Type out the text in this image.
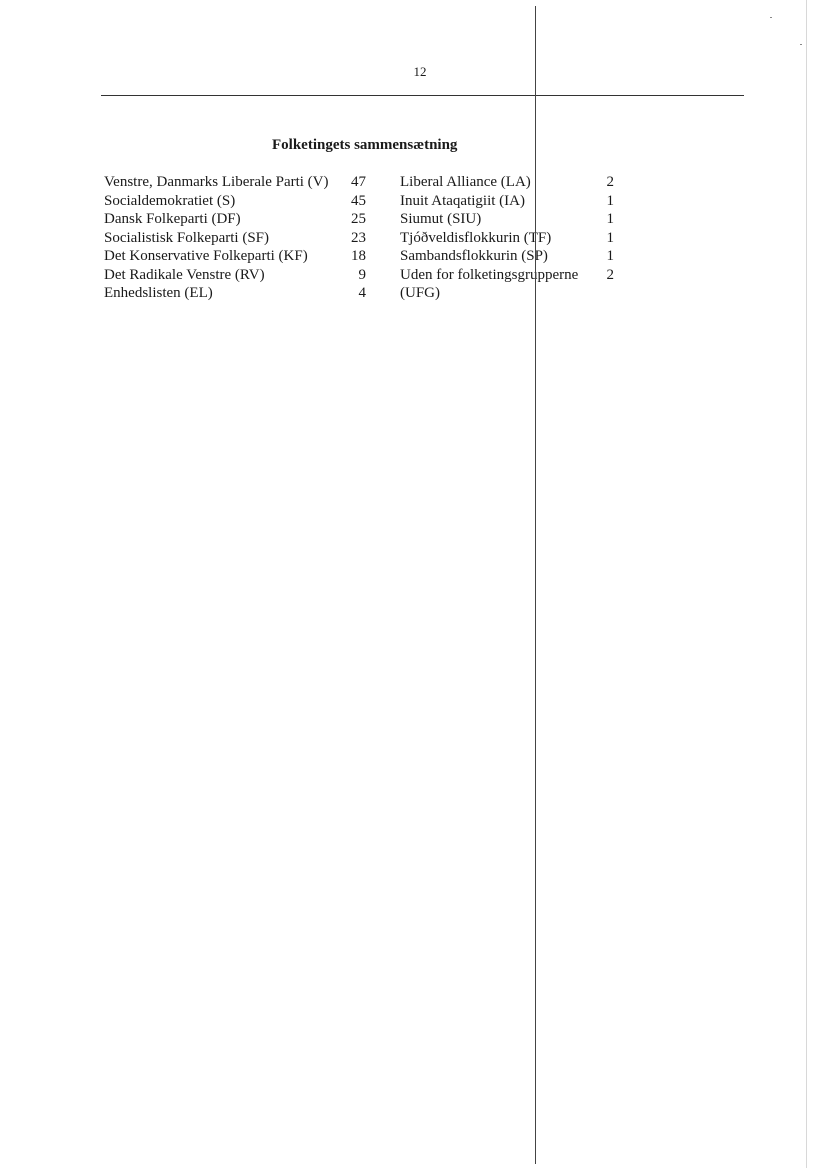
12
Folketingets sammensætning
Venstre, Danmarks Liberale Parti (V)	47
Socialdemokratiet (S)	45
Dansk Folkeparti (DF)	25
Socialistisk Folkeparti (SF)	23
Det Konservative Folkeparti (KF)	18
Det Radikale Venstre (RV)	9
Enhedslisten (EL)	4
Liberal Alliance (LA)	2
Inuit Ataqatigiit (IA)	1
Siumut (SIU)	1
Tjóðveldisflokkurin (TF)	1
Sambandsflokkurin (SP)	1
Uden for folketingsgrupperne	2
(UFG)
